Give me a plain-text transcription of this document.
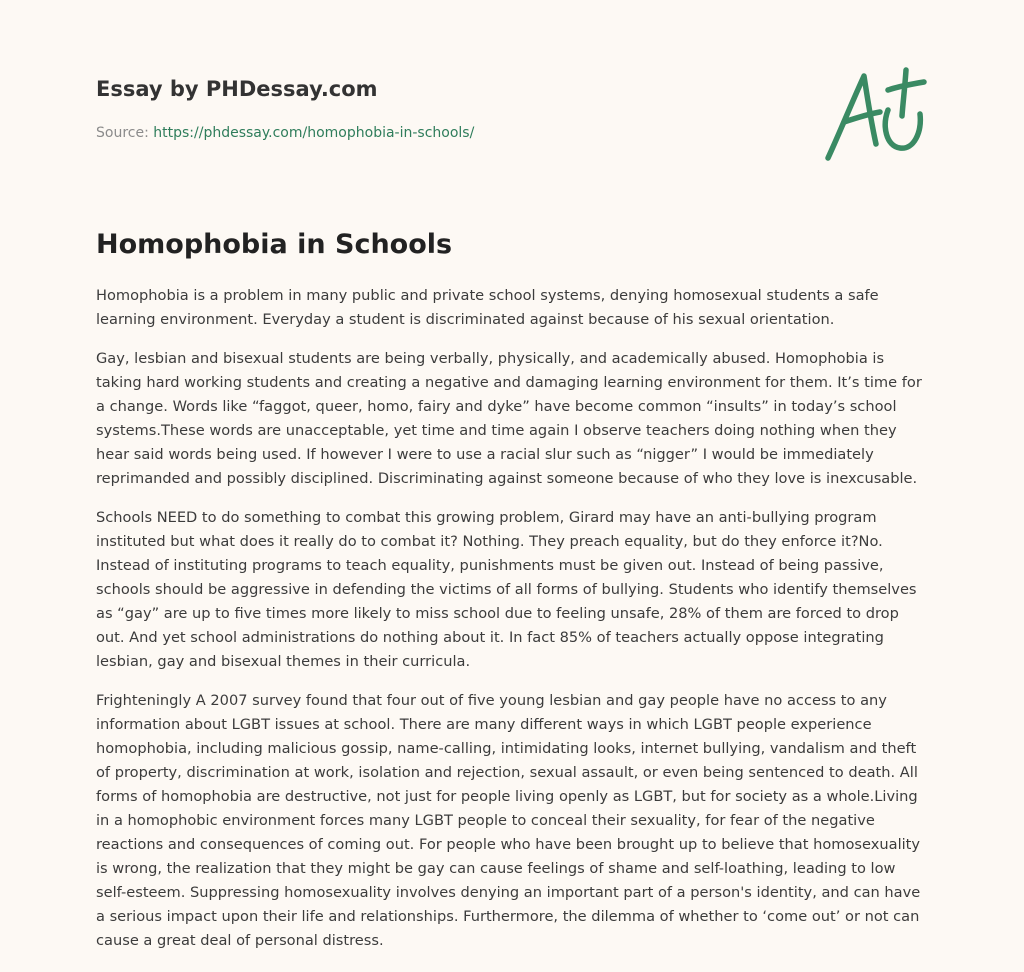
Essay by PHDessay.com
Source: https://phdessay.com/homophobia-in-schools/
Homophobia in Schools

Homophobia is a problem in many public and private school systems, denying homosexual students a safe learning environment. Everyday a student is discriminated against because of his sexual orientation.

Gay, lesbian and bisexual students are being verbally, physically, and academically abused. Homophobia is taking hard working students and creating a negative and damaging learning environment for them. It’s time for a change. Words like “faggot, queer, homo, fairy and dyke” have become common “insults” in today’s school systems.These words are unacceptable, yet time and time again I observe teachers doing nothing when they hear said words being used. If however I were to use a racial slur such as “nigger” I would be immediately reprimanded and possibly disciplined. Discriminating against someone because of who they love is inexcusable.

Schools NEED to do something to combat this growing problem, Girard may have an anti-bullying program instituted but what does it really do to combat it? Nothing. They preach equality, but do they enforce it?No. Instead of instituting programs to teach equality, punishments must be given out. Instead of being passive, schools should be aggressive in defending the victims of all forms of bullying. Students who identify themselves as “gay” are up to five times more likely to miss school due to feeling unsafe, 28% of them are forced to drop out. And yet school administrations do nothing about it. In fact 85% of teachers actually oppose integrating lesbian, gay and bisexual themes in their curricula.

Frighteningly A 2007 survey found that four out of five young lesbian and gay people have no access to any information about LGBT issues at school. There are many different ways in which LGBT people experience homophobia, including malicious gossip, name-calling, intimidating looks, internet bullying, vandalism and theft of property, discrimination at work, isolation and rejection, sexual assault, or even being sentenced to death. All forms of homophobia are destructive, not just for people living openly as LGBT, but for society as a whole.Living in a homophobic environment forces many LGBT people to conceal their sexuality, for fear of the negative reactions and consequences of coming out. For people who have been brought up to believe that homosexuality is wrong, the realization that they might be gay can cause feelings of shame and self-loathing, leading to low self-esteem. Suppressing homosexuality involves denying an important part of a person's identity, and can have a serious impact upon their life and relationships. Furthermore, the dilemma of whether to ‘come out’ or not can cause a great deal of personal distress.
